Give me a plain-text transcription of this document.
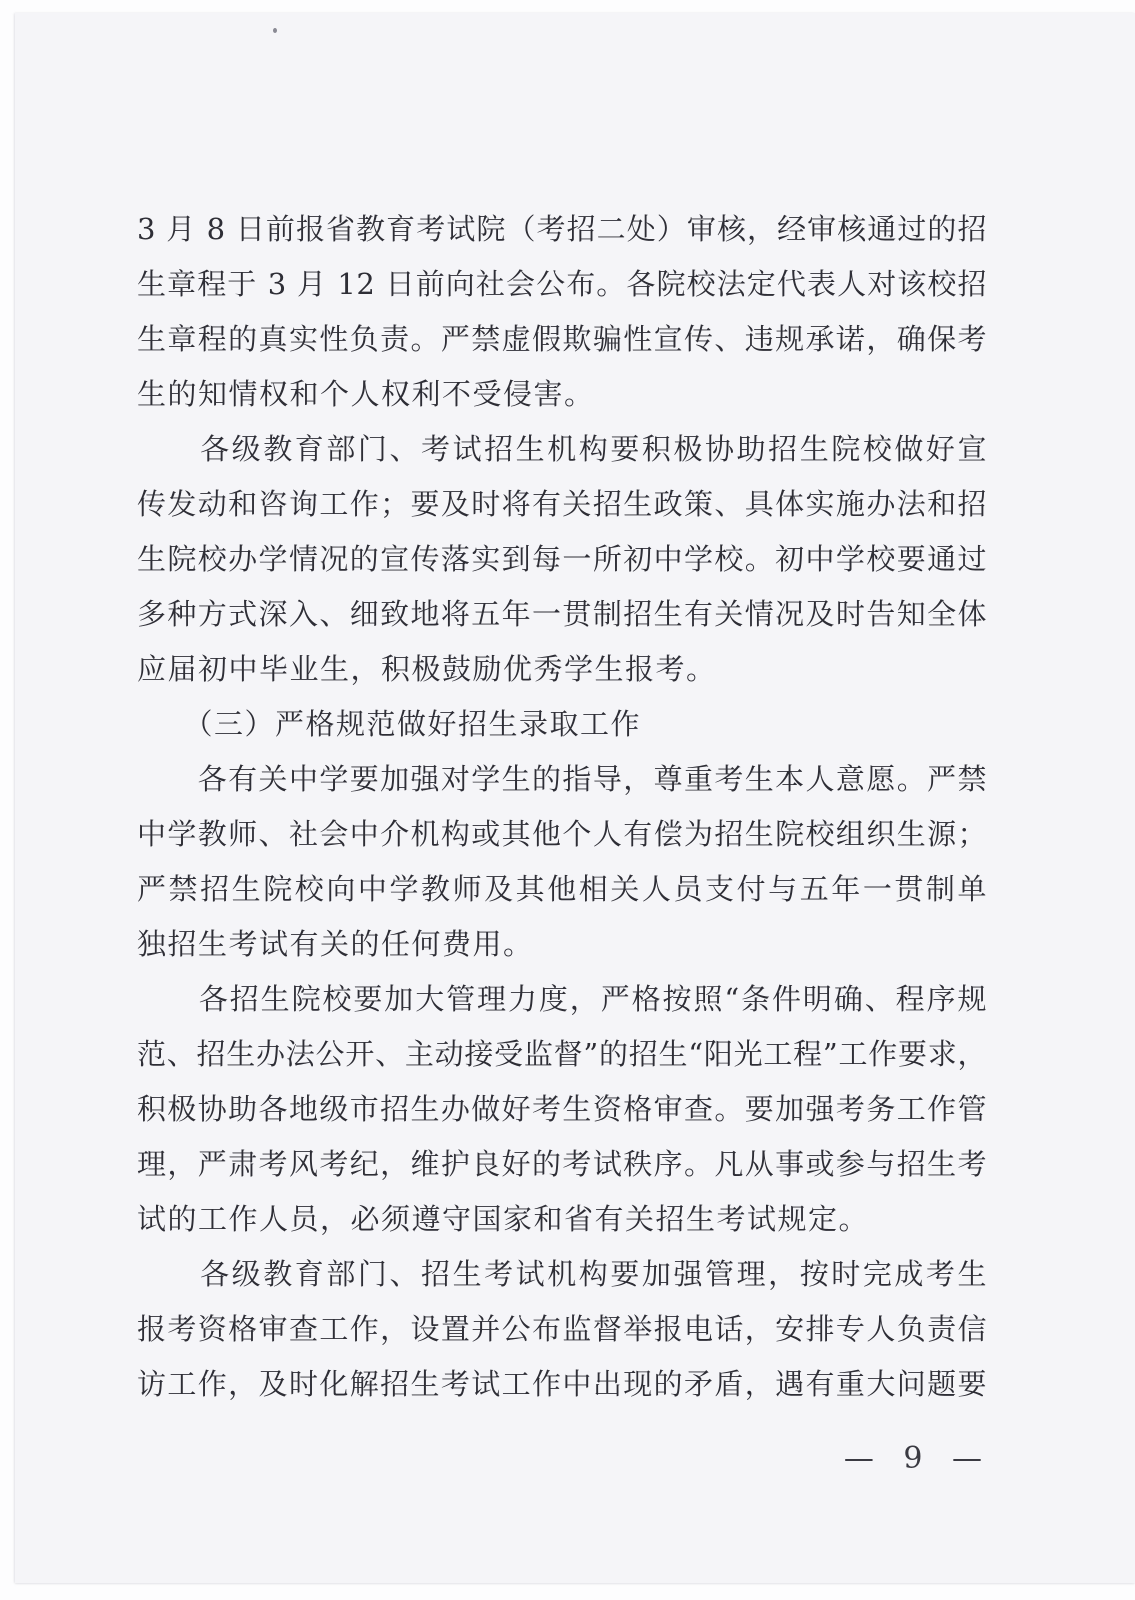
3 月 8 日前报省教育考试院（考招二处）审核，经审核通过的招
生章程于 3 月 12 日前向社会公布。各院校法定代表人对该校招
生章程的真实性负责。严禁虚假欺骗性宣传、违规承诺，确保考
生的知情权和个人权利不受侵害。
　　各级教育部门、考试招生机构要积极协助招生院校做好宣
传发动和咨询工作；要及时将有关招生政策、具体实施办法和招
生院校办学情况的宣传落实到每一所初中学校。初中学校要通过
多种方式深入、细致地将五年一贯制招生有关情况及时告知全体
应届初中毕业生，积极鼓励优秀学生报考。
　　（三）严格规范做好招生录取工作
　　各有关中学要加强对学生的指导，尊重考生本人意愿。严禁
中学教师、社会中介机构或其他个人有偿为招生院校组织生源；
严禁招生院校向中学教师及其他相关人员支付与五年一贯制单
独招生考试有关的任何费用。
　　各招生院校要加大管理力度，严格按照“条件明确、程序规
范、招生办法公开、主动接受监督”的招生“阳光工程”工作要求，
积极协助各地级市招生办做好考生资格审查。要加强考务工作管
理，严肃考风考纪，维护良好的考试秩序。凡从事或参与招生考
试的工作人员，必须遵守国家和省有关招生考试规定。
　　各级教育部门、招生考试机构要加强管理，按时完成考生
报考资格审查工作，设置并公布监督举报电话，安排专人负责信
访工作，及时化解招生考试工作中出现的矛盾，遇有重大问题要
— 9 —
